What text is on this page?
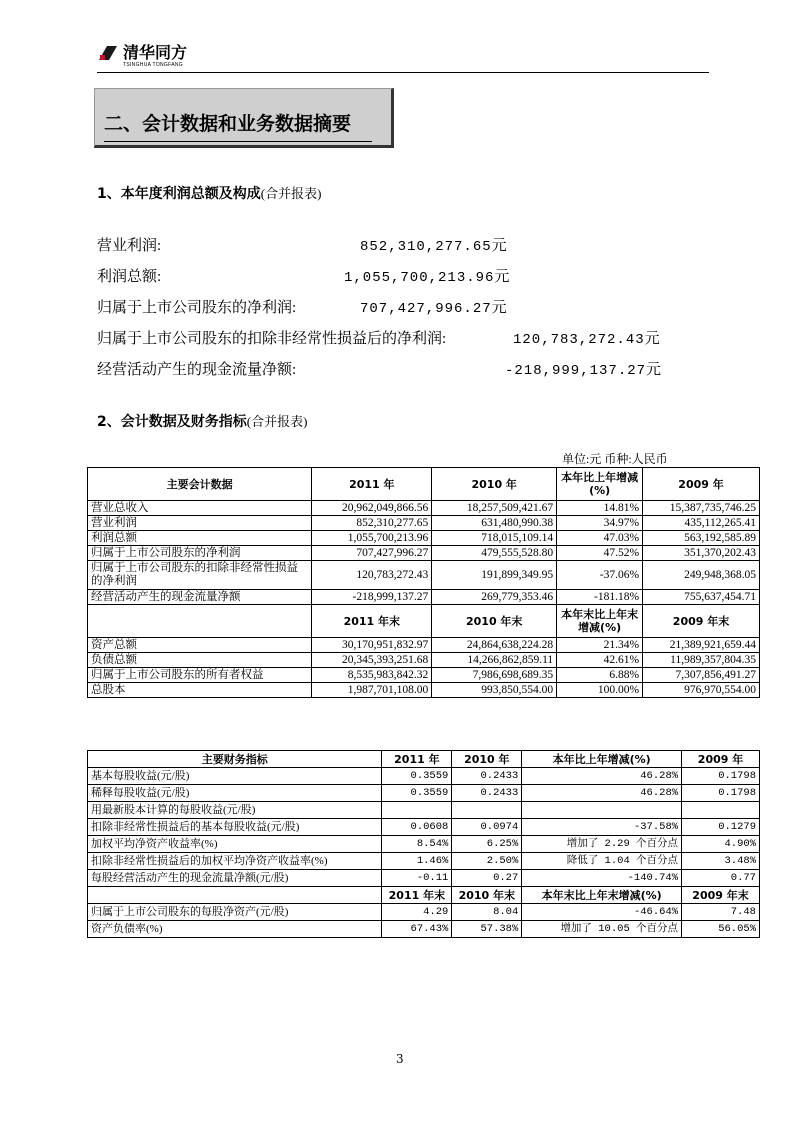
清华同方
TSINGHUA TONGFANG
二、会计数据和业务数据摘要
1、本年度利润总额及构成(合并报表)
营业利润:	852,310,277.65元
利润总额:	1,055,700,213.96元
归属于上市公司股东的净利润:	707,427,996.27元
归属于上市公司股东的扣除非经常性损益后的净利润:	120,783,272.43元
经营活动产生的现金流量净额:	-218,999,137.27元
2、会计数据及财务指标(合并报表)
单位:元 币种:人民币
主要会计数据	2011 年	2010 年	本年比上年增减(%)	2009 年
营业总收入	20,962,049,866.56	18,257,509,421.67	14.81%	15,387,735,746.25
营业利润	852,310,277.65	631,480,990.38	34.97%	435,112,265.41
利润总额	1,055,700,213.96	718,015,109.14	47.03%	563,192,585.89
归属于上市公司股东的净利润	707,427,996.27	479,555,528.80	47.52%	351,370,202.43
归属于上市公司股东的扣除非经常性损益的净利润	120,783,272.43	191,899,349.95	-37.06%	249,948,368.05
经营活动产生的现金流量净额	-218,999,137.27	269,779,353.46	-181.18%	755,637,454.71
	2011 年末	2010 年末	本年末比上年末增减(%)	2009 年末
资产总额	30,170,951,832.97	24,864,638,224.28	21.34%	21,389,921,659.44
负债总额	20,345,393,251.68	14,266,862,859.11	42.61%	11,989,357,804.35
归属于上市公司股东的所有者权益	8,535,983,842.32	7,986,698,689.35	6.88%	7,307,856,491.27
总股本	1,987,701,108.00	993,850,554.00	100.00%	976,970,554.00
主要财务指标	2011 年	2010 年	本年比上年增减(%)	2009 年
基本每股收益(元/股)	0.3559	0.2433	46.28%	0.1798
稀释每股收益(元/股)	0.3559	0.2433	46.28%	0.1798
用最新股本计算的每股收益(元/股)				
扣除非经常性损益后的基本每股收益(元/股)	0.0608	0.0974	-37.58%	0.1279
加权平均净资产收益率(%)	8.54%	6.25%	增加了 2.29 个百分点	4.90%
扣除非经常性损益后的加权平均净资产收益率(%)	1.46%	2.50%	降低了 1.04 个百分点	3.48%
每股经营活动产生的现金流量净额(元/股)	-0.11	0.27	-140.74%	0.77
	2011 年末	2010 年末	本年末比上年末增减(%)	2009 年末
归属于上市公司股东的每股净资产(元/股)	4.29	8.04	-46.64%	7.48
资产负债率(%)	67.43%	57.38%	增加了 10.05 个百分点	56.05%
3
